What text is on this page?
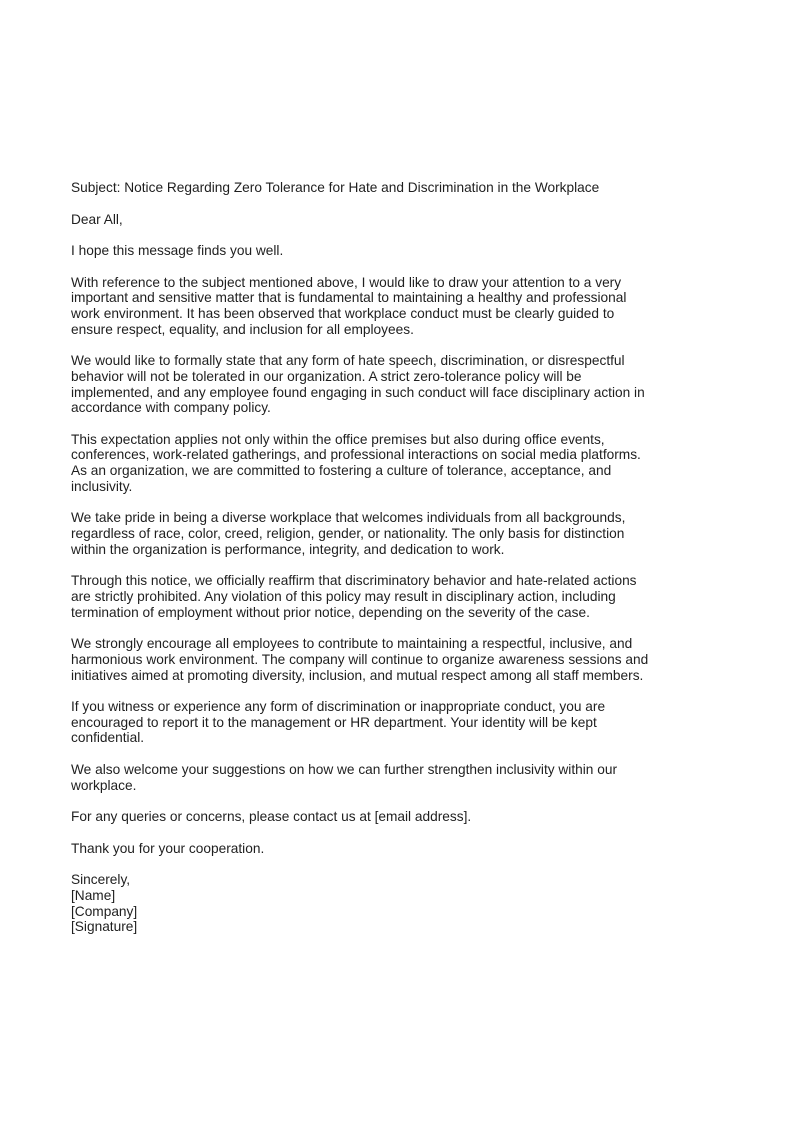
Subject: Notice Regarding Zero Tolerance for Hate and Discrimination in the Workplace

Dear All,

I hope this message finds you well.

With reference to the subject mentioned above, I would like to draw your attention to a very
important and sensitive matter that is fundamental to maintaining a healthy and professional
work environment. It has been observed that workplace conduct must be clearly guided to
ensure respect, equality, and inclusion for all employees.

We would like to formally state that any form of hate speech, discrimination, or disrespectful
behavior will not be tolerated in our organization. A strict zero-tolerance policy will be
implemented, and any employee found engaging in such conduct will face disciplinary action in
accordance with company policy.

This expectation applies not only within the office premises but also during office events,
conferences, work-related gatherings, and professional interactions on social media platforms.
As an organization, we are committed to fostering a culture of tolerance, acceptance, and
inclusivity.

We take pride in being a diverse workplace that welcomes individuals from all backgrounds,
regardless of race, color, creed, religion, gender, or nationality. The only basis for distinction
within the organization is performance, integrity, and dedication to work.

Through this notice, we officially reaffirm that discriminatory behavior and hate-related actions
are strictly prohibited. Any violation of this policy may result in disciplinary action, including
termination of employment without prior notice, depending on the severity of the case.

We strongly encourage all employees to contribute to maintaining a respectful, inclusive, and
harmonious work environment. The company will continue to organize awareness sessions and
initiatives aimed at promoting diversity, inclusion, and mutual respect among all staff members.

If you witness or experience any form of discrimination or inappropriate conduct, you are
encouraged to report it to the management or HR department. Your identity will be kept
confidential.

We also welcome your suggestions on how we can further strengthen inclusivity within our
workplace.

For any queries or concerns, please contact us at [email address].

Thank you for your cooperation.

Sincerely,
[Name]
[Company]
[Signature]
